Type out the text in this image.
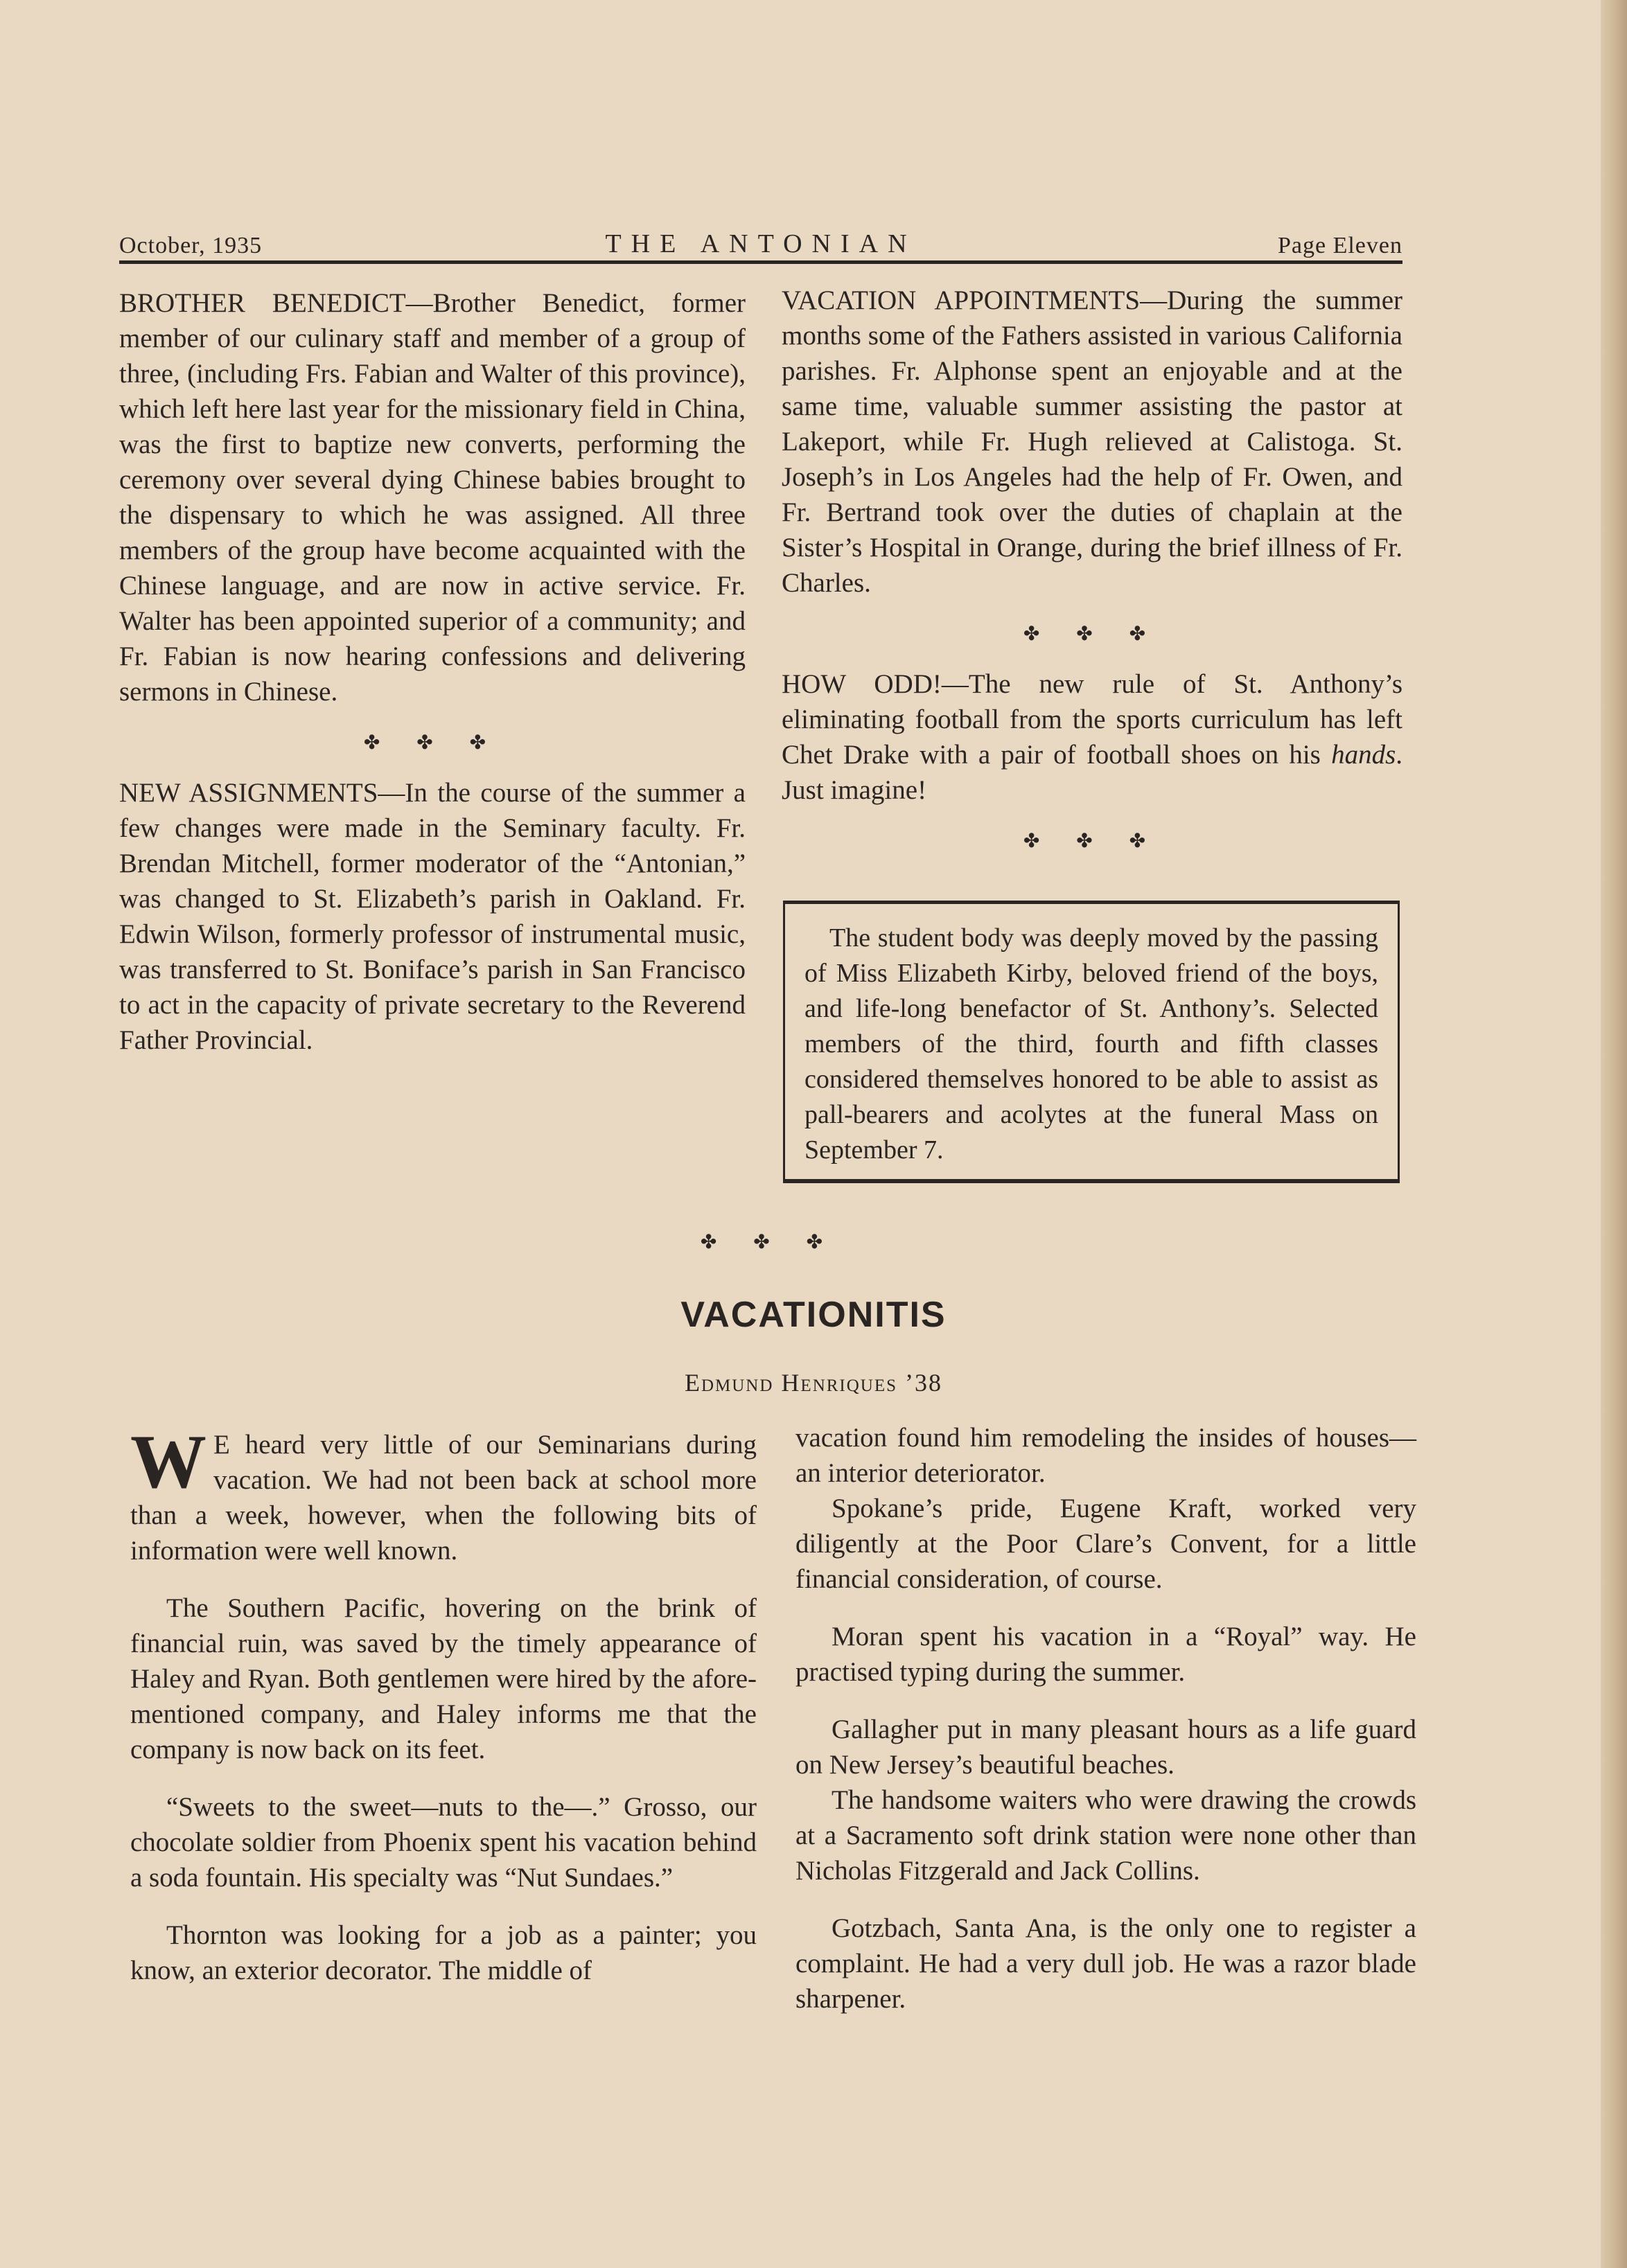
October, 1935	THE ANTONIAN	Page Eleven

BROTHER BENEDICT—Brother Benedict, former member of our culinary staff and member of a group of three, (including Frs. Fabian and Walter of this province), which left here last year for the missionary field in China, was the first to baptize new converts, performing the ceremony over several dying Chinese babies brought to the dispensary to which he was assigned. All three members of the group have become acquainted with the Chinese language, and are now in active service. Fr. Walter has been appointed superior of a community; and Fr. Fabian is now hearing confessions and delivering sermons in Chinese.

✤ ✤ ✤

NEW ASSIGNMENTS—In the course of the summer a few changes were made in the Seminary faculty. Fr. Brendan Mitchell, former moderator of the “Antonian,” was changed to St. Elizabeth’s parish in Oakland. Fr. Edwin Wilson, formerly professor of instrumental music, was transferred to St. Boniface’s parish in San Francisco to act in the capacity of private secretary to the Reverend Father Provincial.

VACATION APPOINTMENTS—During the summer months some of the Fathers assisted in various California parishes. Fr. Alphonse spent an enjoyable and at the same time, valuable summer assisting the pastor at Lakeport, while Fr. Hugh relieved at Calistoga. St. Joseph’s in Los Angeles had the help of Fr. Owen, and Fr. Bertrand took over the duties of chaplain at the Sister’s Hospital in Orange, during the brief illness of Fr. Charles.

✤ ✤ ✤

HOW ODD!—The new rule of St. Anthony’s eliminating football from the sports curriculum has left Chet Drake with a pair of football shoes on his hands. Just imagine!

✤ ✤ ✤

The student body was deeply moved by the passing of Miss Elizabeth Kirby, beloved friend of the boys, and life-long benefactor of St. Anthony’s. Selected members of the third, fourth and fifth classes considered themselves honored to be able to assist as pall-bearers and acolytes at the funeral Mass on September 7.

✤ ✤ ✤
VACATIONITIS
Edmund Henriques ’38

W E heard very little of our Seminarians during vacation. We had not been back at school more than a week, however, when the following bits of information were well known.

The Southern Pacific, hovering on the brink of financial ruin, was saved by the timely appearance of Haley and Ryan. Both gentlemen were hired by the afore-mentioned company, and Haley informs me that the company is now back on its feet.

“Sweets to the sweet—nuts to the—.” Grosso, our chocolate soldier from Phoenix spent his vacation behind a soda fountain. His specialty was “Nut Sundaes.”

Thornton was looking for a job as a painter; you know, an exterior decorator. The middle of

vacation found him remodeling the insides of houses—an interior deteriorator.

Spokane’s pride, Eugene Kraft, worked very diligently at the Poor Clare’s Convent, for a little financial consideration, of course.

Moran spent his vacation in a “Royal” way. He practised typing during the summer.

Gallagher put in many pleasant hours as a life guard on New Jersey’s beautiful beaches.

The handsome waiters who were drawing the crowds at a Sacramento soft drink station were none other than Nicholas Fitzgerald and Jack Collins.

Gotzbach, Santa Ana, is the only one to register a complaint. He had a very dull job. He was a razor blade sharpener.
